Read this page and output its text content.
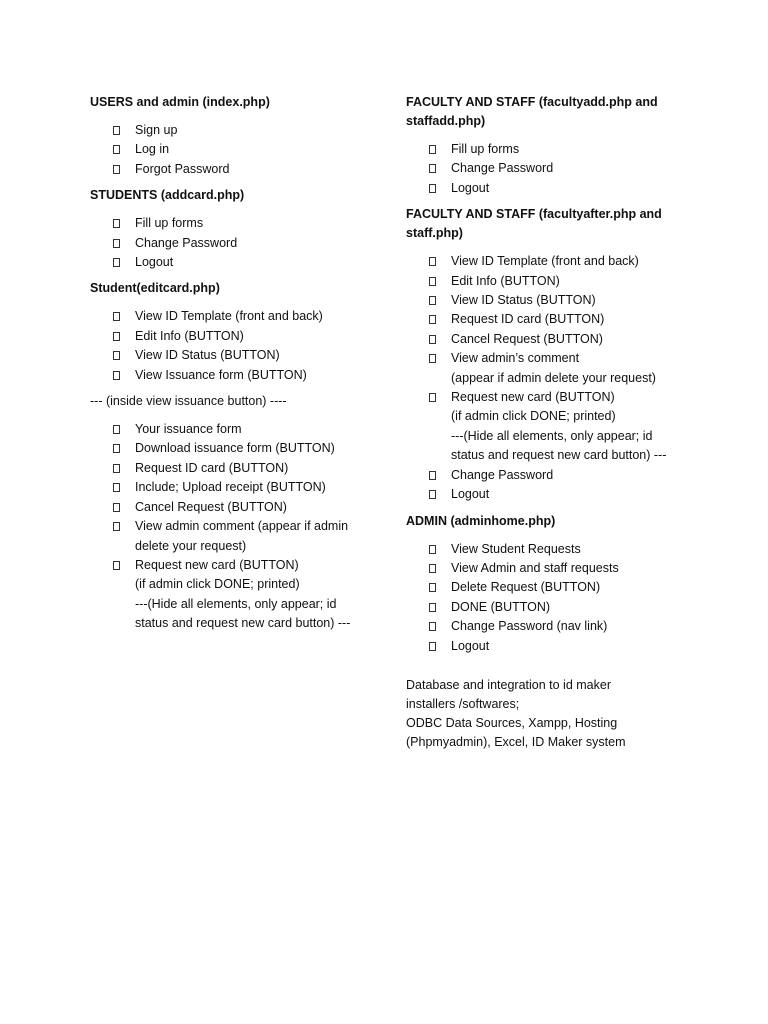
USERS and admin (index.php)
Sign up
Log in
Forgot Password
STUDENTS (addcard.php)
Fill up forms
Change Password
Logout
Student(editcard.php)
View ID Template (front and back)
Edit Info (BUTTON)
View ID Status (BUTTON)
View Issuance form (BUTTON)
--- (inside view issuance button) ----
Your issuance form
Download issuance form (BUTTON)
Request ID card (BUTTON)
Include; Upload receipt (BUTTON)
Cancel Request (BUTTON)
View admin comment (appear if admin
delete your request)
Request new card (BUTTON)
(if admin click DONE; printed)
---(Hide all elements, only appear; id
status and request new card button) ---
FACULTY AND STAFF (facultyadd.php and
staffadd.php)
Fill up forms
Change Password
Logout
FACULTY AND STAFF (facultyafter.php and
staff.php)
View ID Template (front and back)
Edit Info (BUTTON)
View ID Status (BUTTON)
Request ID card (BUTTON)
Cancel Request (BUTTON)
View admin’s comment
(appear if admin delete your request)
Request new card (BUTTON)
(if admin click DONE; printed)
---(Hide all elements, only appear; id
status and request new card button) ---
Change Password
Logout
ADMIN (adminhome.php)
View Student Requests
View Admin and staff requests
Delete Request (BUTTON)
DONE (BUTTON)
Change Password (nav link)
Logout
Database and integration to id maker
installers /softwares;
ODBC Data Sources, Xampp, Hosting
(Phpmyadmin), Excel, ID Maker system
